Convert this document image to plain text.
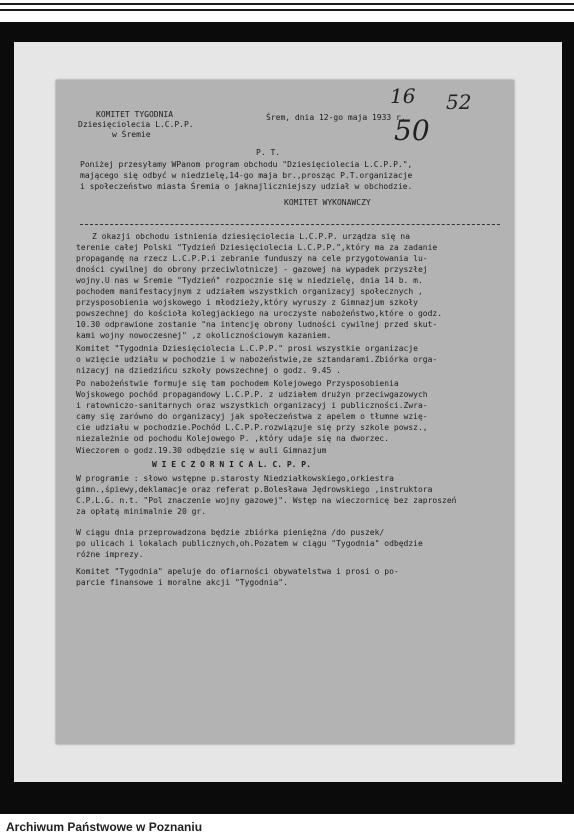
16 52
50
KOMITET TYGODNIA
Dziesięciolecia L.C.P.P.
w Śremie
Śrem, dnia 12-go maja 1933 r.
P. T.
Poniżej przesyłamy WPanom program obchodu "Dziesięciolecia L.C.P.P.",
mającego się odbyć w niedzielę,14-go maja br.,prosząc P.T.organizacje
i społeczeństwo miasta Śremia o jaknajliczniejszy udział w obchodzie.
KOMITET WYKONAWCZY
Z okazji obchodu istnienia dziesięciolecia L.C.P.P. urządza się na
terenie całej Polski "Tydzień Dziesięciolecia L.C.P.P.",który ma za zadanie
propagandę na rzecz L.C.P.P.i zebranie funduszy na cele przygotowania lu-
dności cywilnej do obrony przeciwlotniczej - gazowej na wypadek przyszłej
wojny.U nas w Śremie "Tydzień" rozpocznie się w niedzielę, dnia 14 b. m.
pochodem manifestacyjnym z udziałem wszystkich organizacyj społecznych ,
przysposobienia wojskowego i młodzieży,który wyruszy z Gimnazjum szkoły
powszechnej do kościoła kolegjackiego na uroczyste nabożeństwo,które o godz.
10.30 odprawione zostanie "na intencję obrony ludności cywilnej przed skut-
kami wojny nowoczesnej" ,z okolicznościowym kazaniem.
Komitet "Tygodnia Dziesięciolecia L.C.P.P." prosi wszystkie organizacje
o wzięcie udziału w pochodzie i w nabożeństwie,ze sztandarami.Zbiórka orga-
nizacyj na dziedzińcu szkoły powszechnej o godz. 9.45 .
Po nabożeństwie formuje się tam pochodem Kolejowego Przysposobienia
Wojskowego pochód propagandowy L.C.P.P. z udziałem drużyn przeciwgazowych
i ratowniczo-sanitarnych oraz wszystkich organizacyj i publiczności.Zwra-
camy się zarówno do organizacyj jak społeczeństwa z apelem o tłumne wzię-
cie udziału w pochodzie.Pochód L.C.P.P.rozwiązuje się przy szkole powsz.,
niezależnie od pochodu Kolejowego P. ,który udaje się na dworzec.
Wieczorem o godz.19.30 odbędzie się w auli Gimnazjum
W I E C Z O R N I C A L. C. P. P.
W programie : słowo wstępne p.starosty Niedziałkowskiego,orkiestra
gimn.,śpiewy,deklamacje oraz referat p.Bolesława Jędrowskiego ,instruktora
C.P.L.G. n.t. "Pol znaczenie wojny gazowej". Wstęp na wieczornicę bez zaproszeń
za opłatą minimalnie 20 gr.
W ciągu dnia przeprowadzona będzie zbiórka pieniężna /do puszek/
po ulicach i lokalach publicznych,oh.Pozatem w ciągu "Tygodnia" odbędzie
różne imprezy.
Komitet "Tygodnia" apeluje do ofiarności obywatelstwa i prosi o po-
parcie finansowe i moralne akcji "Tygodnia".
Archiwum Państwowe w Poznaniu
